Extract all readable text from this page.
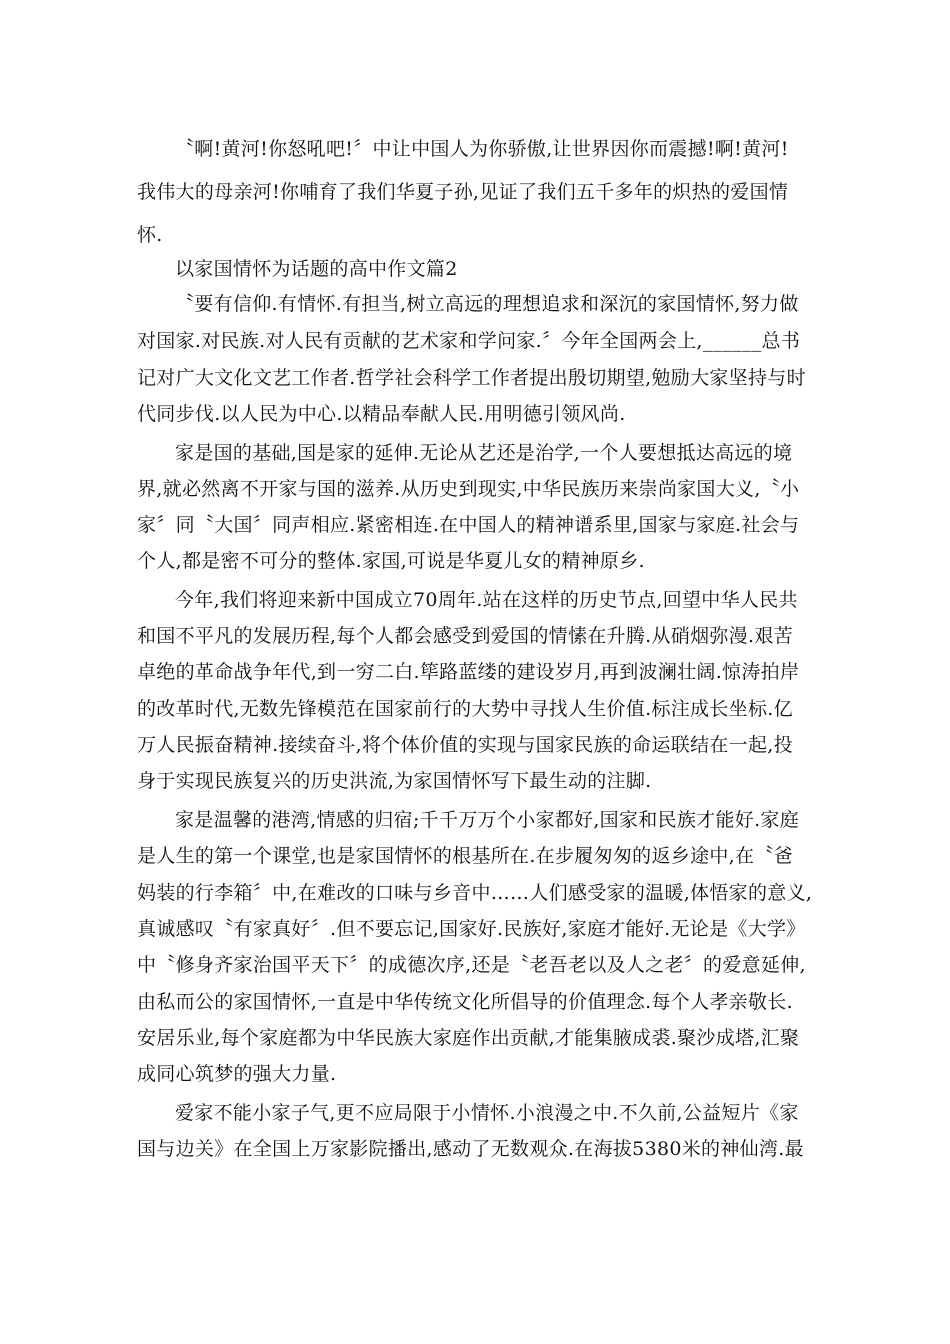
〝啊!黄河!你怒吼吧!〞中让中国人为你骄傲,让世界因你而震撼!啊!黄河!
我伟大的母亲河!你哺育了我们华夏子孙,见证了我们五千多年的炽热的爱国情
怀.
以家国情怀为话题的高中作文篇2
〝要有信仰.有情怀.有担当,树立高远的理想追求和深沉的家国情怀,努力做
对国家.对民族.对人民有贡献的艺术家和学问家.〞今年全国两会上,______总书
记对广大文化文艺工作者.哲学社会科学工作者提出殷切期望,勉励大家坚持与时
代同步伐.以人民为中心.以精品奉献人民.用明德引领风尚.
家是国的基础,国是家的延伸.无论从艺还是治学,一个人要想抵达高远的境
界,就必然离不开家与国的滋养.从历史到现实,中华民族历来崇尚家国大义,〝小
家〞同〝大国〞同声相应.紧密相连.在中国人的精神谱系里,国家与家庭.社会与
个人,都是密不可分的整体.家国,可说是华夏儿女的精神原乡.
今年,我们将迎来新中国成立70周年.站在这样的历史节点,回望中华人民共
和国不平凡的发展历程,每个人都会感受到爱国的情愫在升腾.从硝烟弥漫.艰苦
卓绝的革命战争年代,到一穷二白.筚路蓝缕的建设岁月,再到波澜壮阔.惊涛拍岸
的改革时代,无数先锋模范在国家前行的大势中寻找人生价值.标注成长坐标.亿
万人民振奋精神.接续奋斗,将个体价值的实现与国家民族的命运联结在一起,投
身于实现民族复兴的历史洪流,为家国情怀写下最生动的注脚.
家是温馨的港湾,情感的归宿;千千万万个小家都好,国家和民族才能好.家庭
是人生的第一个课堂,也是家国情怀的根基所在.在步履匆匆的返乡途中,在〝爸
妈装的行李箱〞中,在难改的口味与乡音中……人们感受家的温暖,体悟家的意义,
真诚感叹〝有家真好〞.但不要忘记,国家好.民族好,家庭才能好.无论是《大学》
中〝修身齐家治国平天下〞的成德次序,还是〝老吾老以及人之老〞的爱意延伸,
由私而公的家国情怀,一直是中华传统文化所倡导的价值理念.每个人孝亲敬长.
安居乐业,每个家庭都为中华民族大家庭作出贡献,才能集腋成裘.聚沙成塔,汇聚
成同心筑梦的强大力量.
爱家不能小家子气,更不应局限于小情怀.小浪漫之中.不久前,公益短片《家
国与边关》在全国上万家影院播出,感动了无数观众.在海拔5380米的神仙湾.最
